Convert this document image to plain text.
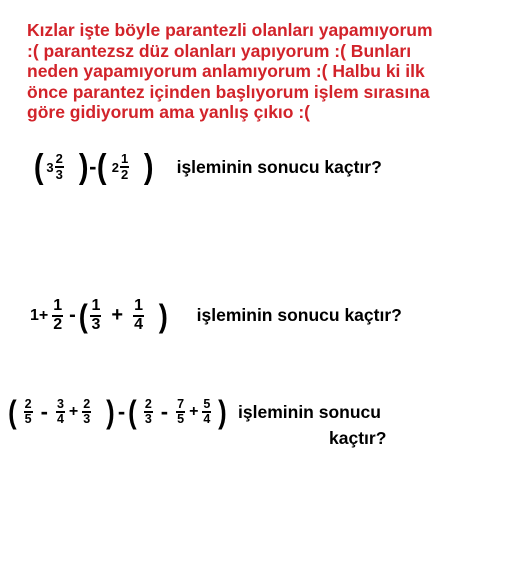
Kızlar işte böyle parantezli olanları yapamıyorum
:( parantezsz düz olanları yapıyorum :( Bunları
neden yapamıyorum anlamıyorum :( Halbu ki ilk
önce parantez içinden başlıyorum işlem sırasına
göre gidiyorum ama yanlış çıkıo :(
( $3 \frac{2}{3}$ ) - ( $2 \frac{1}{2}$ ) işleminin sonucu kaçtır?
$1+ \frac{1}{2}$ - ( $\frac{1}{3} + \frac{1}{4}$ ) işleminin sonucu kaçtır?
( $\frac{2}{5} - \frac{3}{4} + \frac{2}{3}$ ) - ( $\frac{2}{3} - \frac{7}{5} + \frac{5}{4}$ ) işleminin sonucu
kaçtır?
